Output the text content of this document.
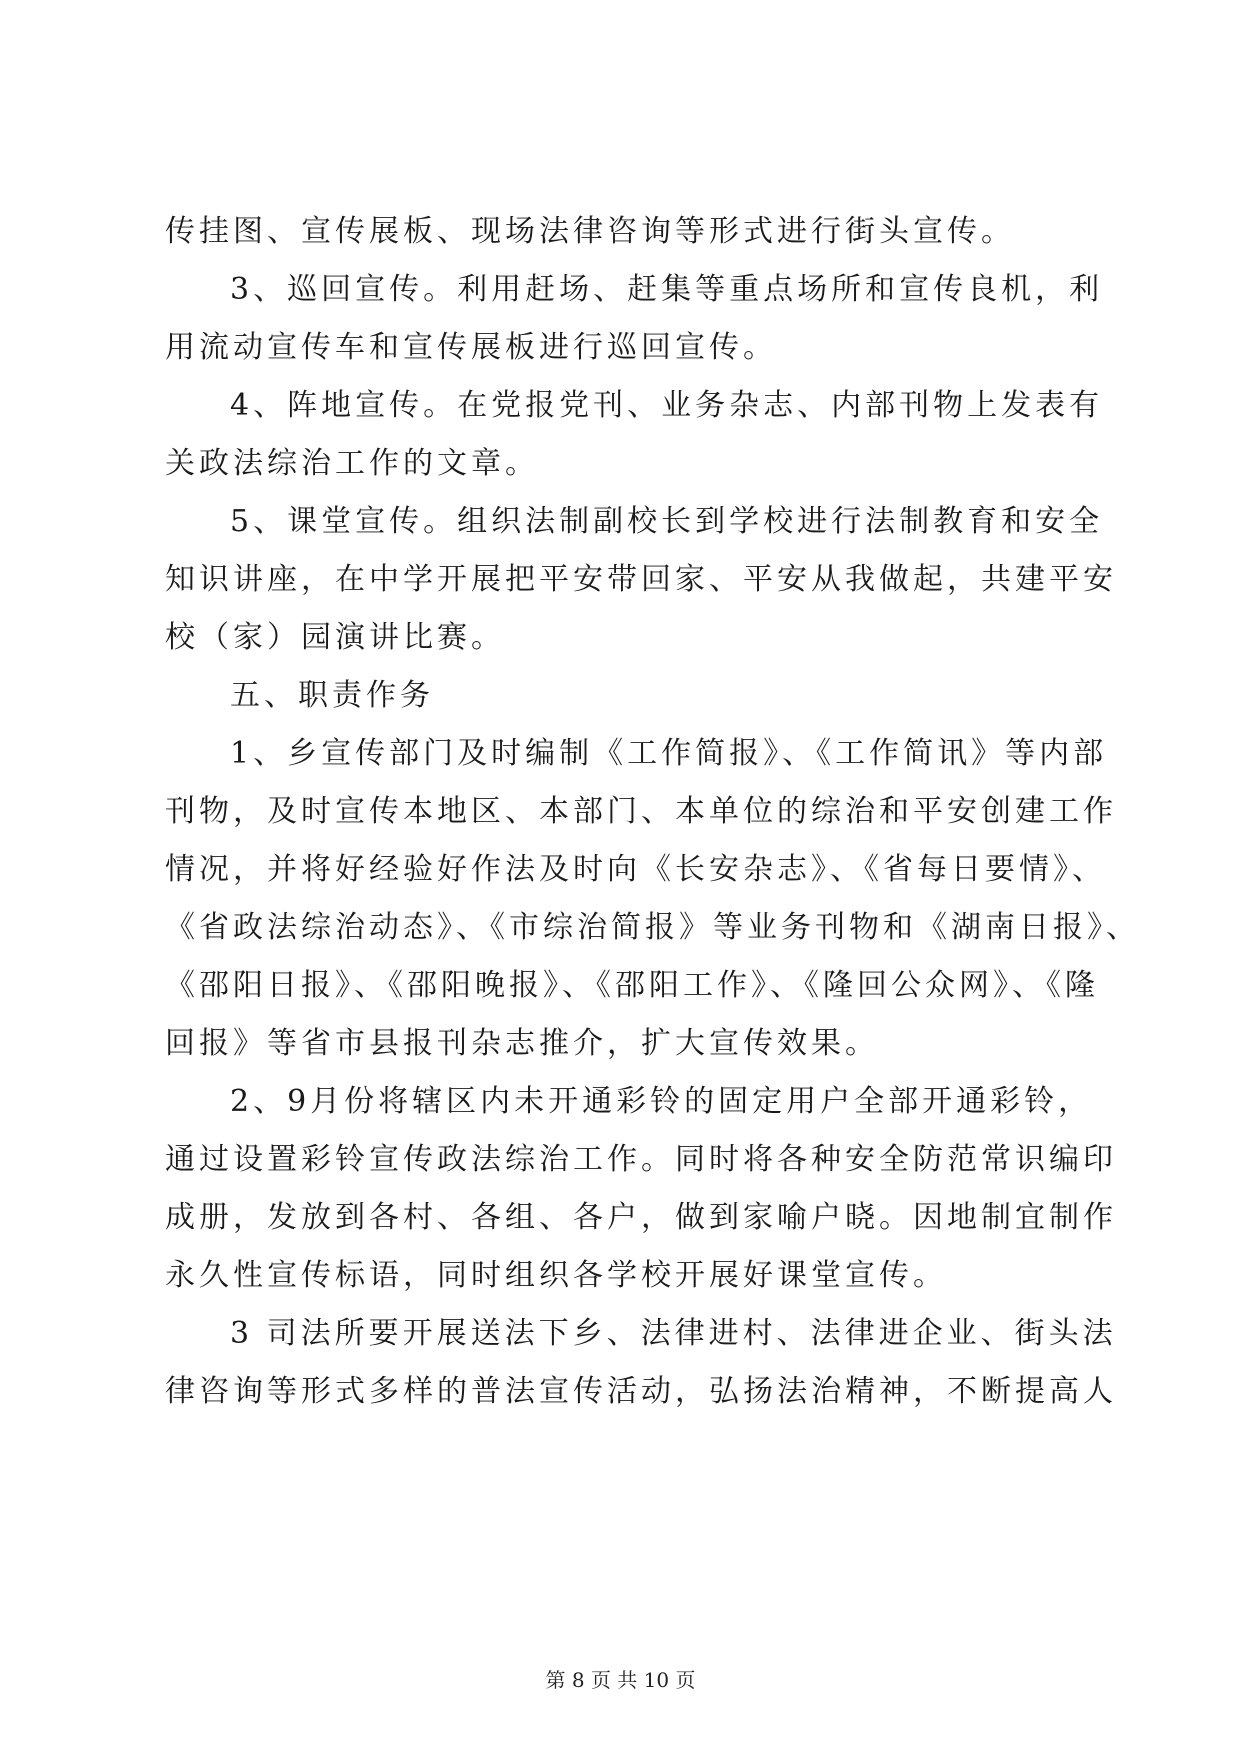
传挂图、宣传展板、现场法律咨询等形式进行街头宣传。
3、巡回宣传。利用赶场、赶集等重点场所和宣传良机，利
用流动宣传车和宣传展板进行巡回宣传。
4、阵地宣传。在党报党刊、业务杂志、内部刊物上发表有
关政法综治工作的文章。
5、课堂宣传。组织法制副校长到学校进行法制教育和安全
知识讲座，在中学开展把平安带回家、平安从我做起，共建平安
校（家）园演讲比赛。
五、职责作务
1、乡宣传部门及时编制《工作简报》、《工作简讯》等内部
刊物，及时宣传本地区、本部门、本单位的综治和平安创建工作
情况，并将好经验好作法及时向《长安杂志》、《省每日要情》、
《省政法综治动态》、《市综治简报》等业务刊物和《湖南日报》、
《邵阳日报》、《邵阳晚报》、《邵阳工作》、《隆回公众网》、《隆
回报》等省市县报刊杂志推介，扩大宣传效果。
2、9月份将辖区内未开通彩铃的固定用户全部开通彩铃，
通过设置彩铃宣传政法综治工作。同时将各种安全防范常识编印
成册，发放到各村、各组、各户，做到家喻户晓。因地制宜制作
永久性宣传标语，同时组织各学校开展好课堂宣传。
3 司法所要开展送法下乡、法律进村、法律进企业、街头法
律咨询等形式多样的普法宣传活动，弘扬法治精神，不断提高人
第 8 页 共 10 页
